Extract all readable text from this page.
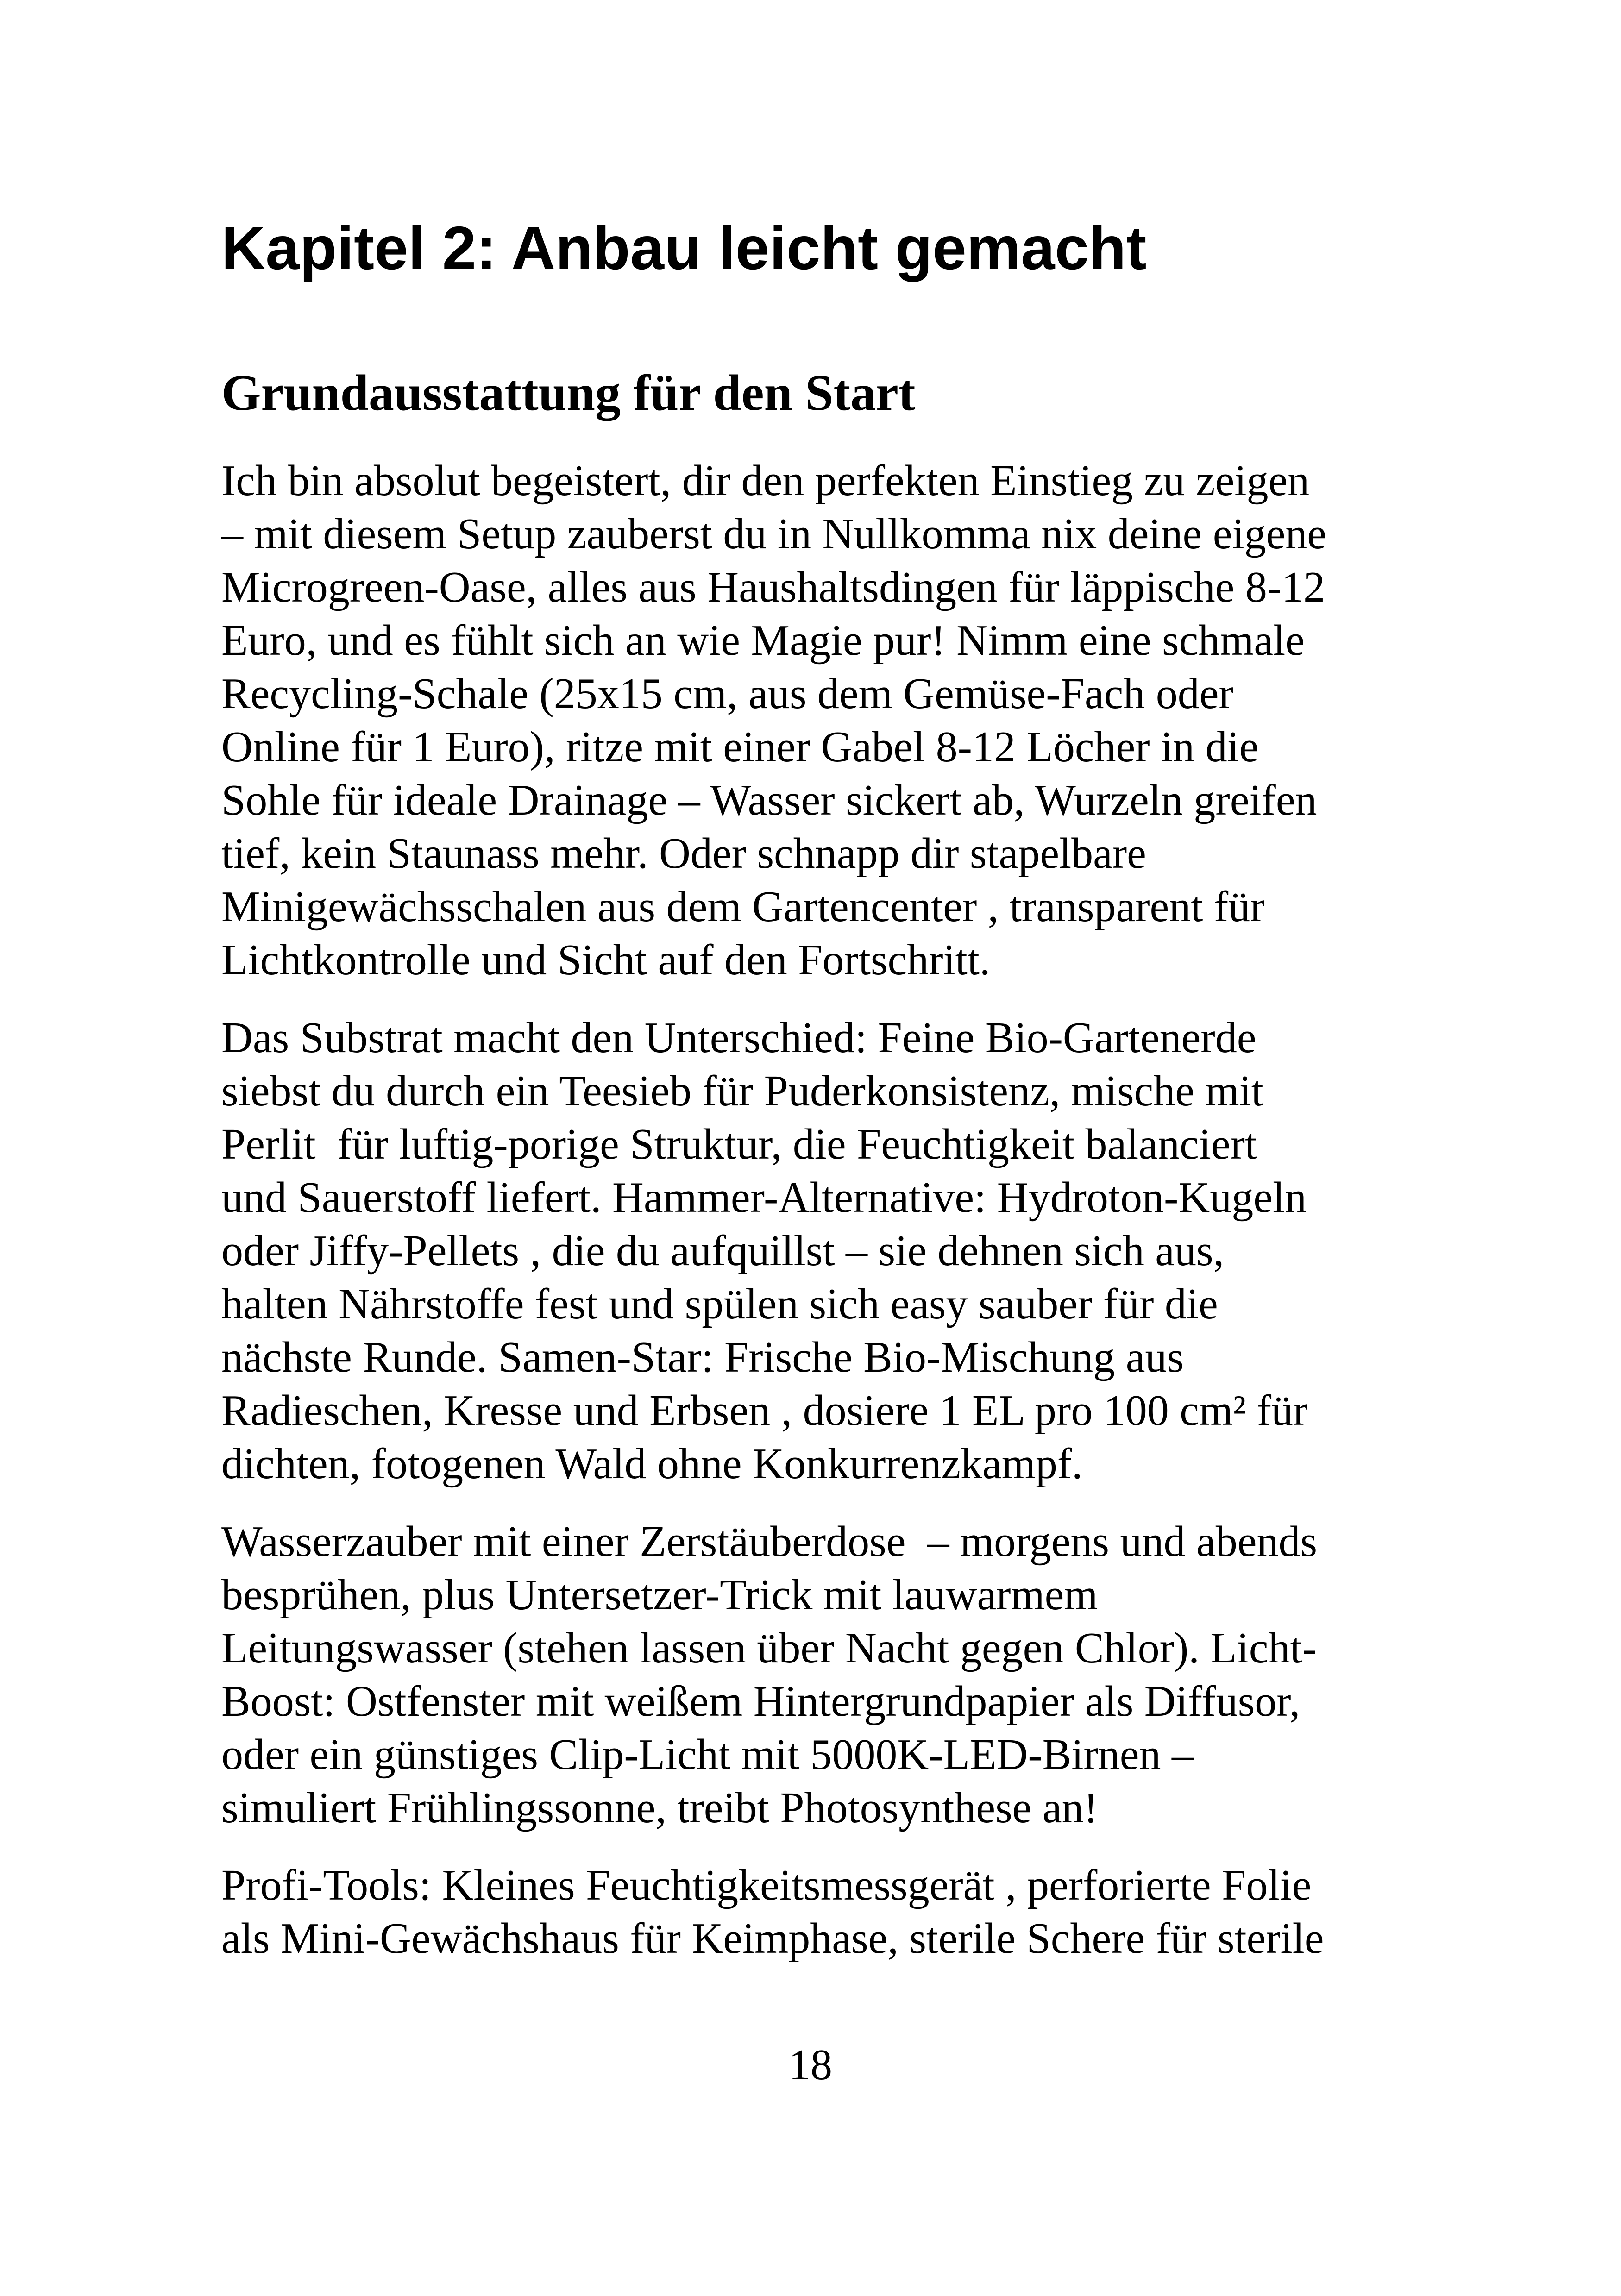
Kapitel 2: Anbau leicht gemacht
Grundausstattung für den Start

Ich bin absolut begeistert, dir den perfekten Einstieg zu zeigen
– mit diesem Setup zauberst du in Nullkomma nix deine eigene
Microgreen-Oase, alles aus Haushaltsdingen für läppische 8-12
Euro, und es fühlt sich an wie Magie pur! Nimm eine schmale
Recycling-Schale (25x15 cm, aus dem Gemüse-Fach oder
Online für 1 Euro), ritze mit einer Gabel 8-12 Löcher in die
Sohle für ideale Drainage – Wasser sickert ab, Wurzeln greifen
tief, kein Staunass mehr. Oder schnapp dir stapelbare
Minigewächsschalen aus dem Gartencenter , transparent für
Lichtkontrolle und Sicht auf den Fortschritt.

Das Substrat macht den Unterschied: Feine Bio-Gartenerde
siebst du durch ein Teesieb für Puderkonsistenz, mische mit
Perlit  für luftig-porige Struktur, die Feuchtigkeit balanciert
und Sauerstoff liefert. Hammer-Alternative: Hydroton-Kugeln
oder Jiffy-Pellets , die du aufquillst – sie dehnen sich aus,
halten Nährstoffe fest und spülen sich easy sauber für die
nächste Runde. Samen-Star: Frische Bio-Mischung aus
Radieschen, Kresse und Erbsen , dosiere 1 EL pro 100 cm² für
dichten, fotogenen Wald ohne Konkurrenzkampf.

Wasserzauber mit einer Zerstäuberdose  – morgens und abends
besprühen, plus Untersetzer-Trick mit lauwarmem
Leitungswasser (stehen lassen über Nacht gegen Chlor). Licht-
Boost: Ostfenster mit weißem Hintergrundpapier als Diffusor,
oder ein günstiges Clip-Licht mit 5000K-LED-Birnen –
simuliert Frühlingssonne, treibt Photosynthese an!

Profi-Tools: Kleines Feuchtigkeitsmessgerät , perforierte Folie
als Mini-Gewächshaus für Keimphase, sterile Schere für sterile

18
